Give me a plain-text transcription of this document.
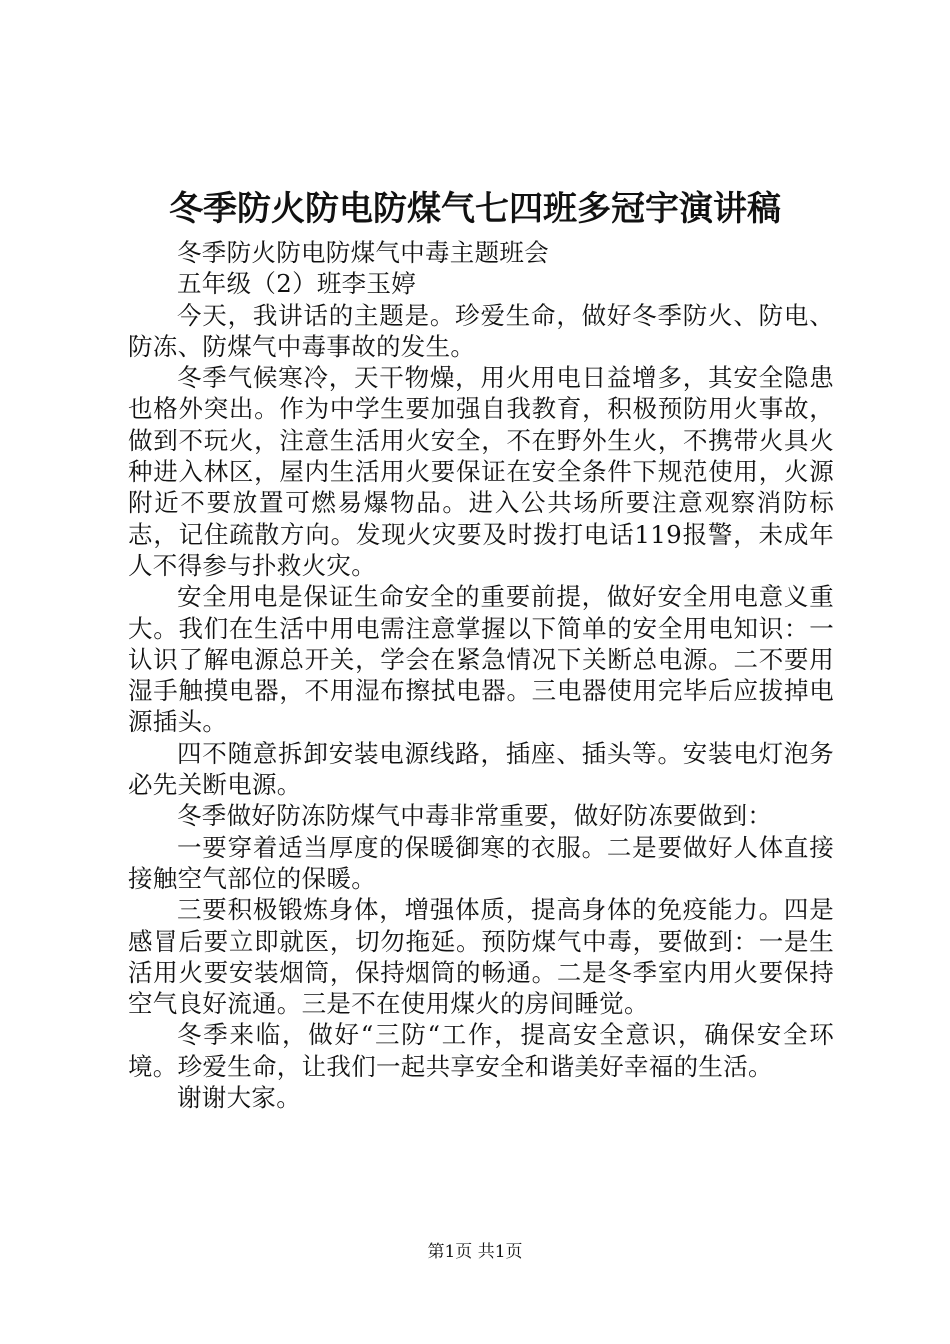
冬季防火防电防煤气七四班多冠宇演讲稿

冬季防火防电防煤气中毒主题班会

五年级（2）班李玉婷

今天，我讲话的主题是。珍爱生命，做好冬季防火、防电、防冻、防煤气中毒事故的发生。

冬季气候寒冷，天干物燥，用火用电日益增多，其安全隐患也格外突出。作为中学生要加强自我教育，积极预防用火事故，做到不玩火，注意生活用火安全，不在野外生火，不携带火具火种进入林区，屋内生活用火要保证在安全条件下规范使用，火源附近不要放置可燃易爆物品。进入公共场所要注意观察消防标志，记住疏散方向。发现火灾要及时拨打电话119报警，未成年人不得参与扑救火灾。

安全用电是保证生命安全的重要前提，做好安全用电意义重大。我们在生活中用电需注意掌握以下简单的安全用电知识：一认识了解电源总开关，学会在紧急情况下关断总电源。二不要用湿手触摸电器，不用湿布擦拭电器。三电器使用完毕后应拔掉电源插头。

四不随意拆卸安装电源线路，插座、插头等。安装电灯泡务必先关断电源。

冬季做好防冻防煤气中毒非常重要，做好防冻要做到：

一要穿着适当厚度的保暖御寒的衣服。二是要做好人体直接接触空气部位的保暖。

三要积极锻炼身体，增强体质，提高身体的免疫能力。四是感冒后要立即就医，切勿拖延。预防煤气中毒，要做到：一是生活用火要安装烟筒，保持烟筒的畅通。二是冬季室内用火要保持空气良好流通。三是不在使用煤火的房间睡觉。

冬季来临，做好“三防“工作，提高安全意识，确保安全环境。珍爱生命，让我们一起共享安全和谐美好幸福的生活。

谢谢大家。

第1页 共1页
